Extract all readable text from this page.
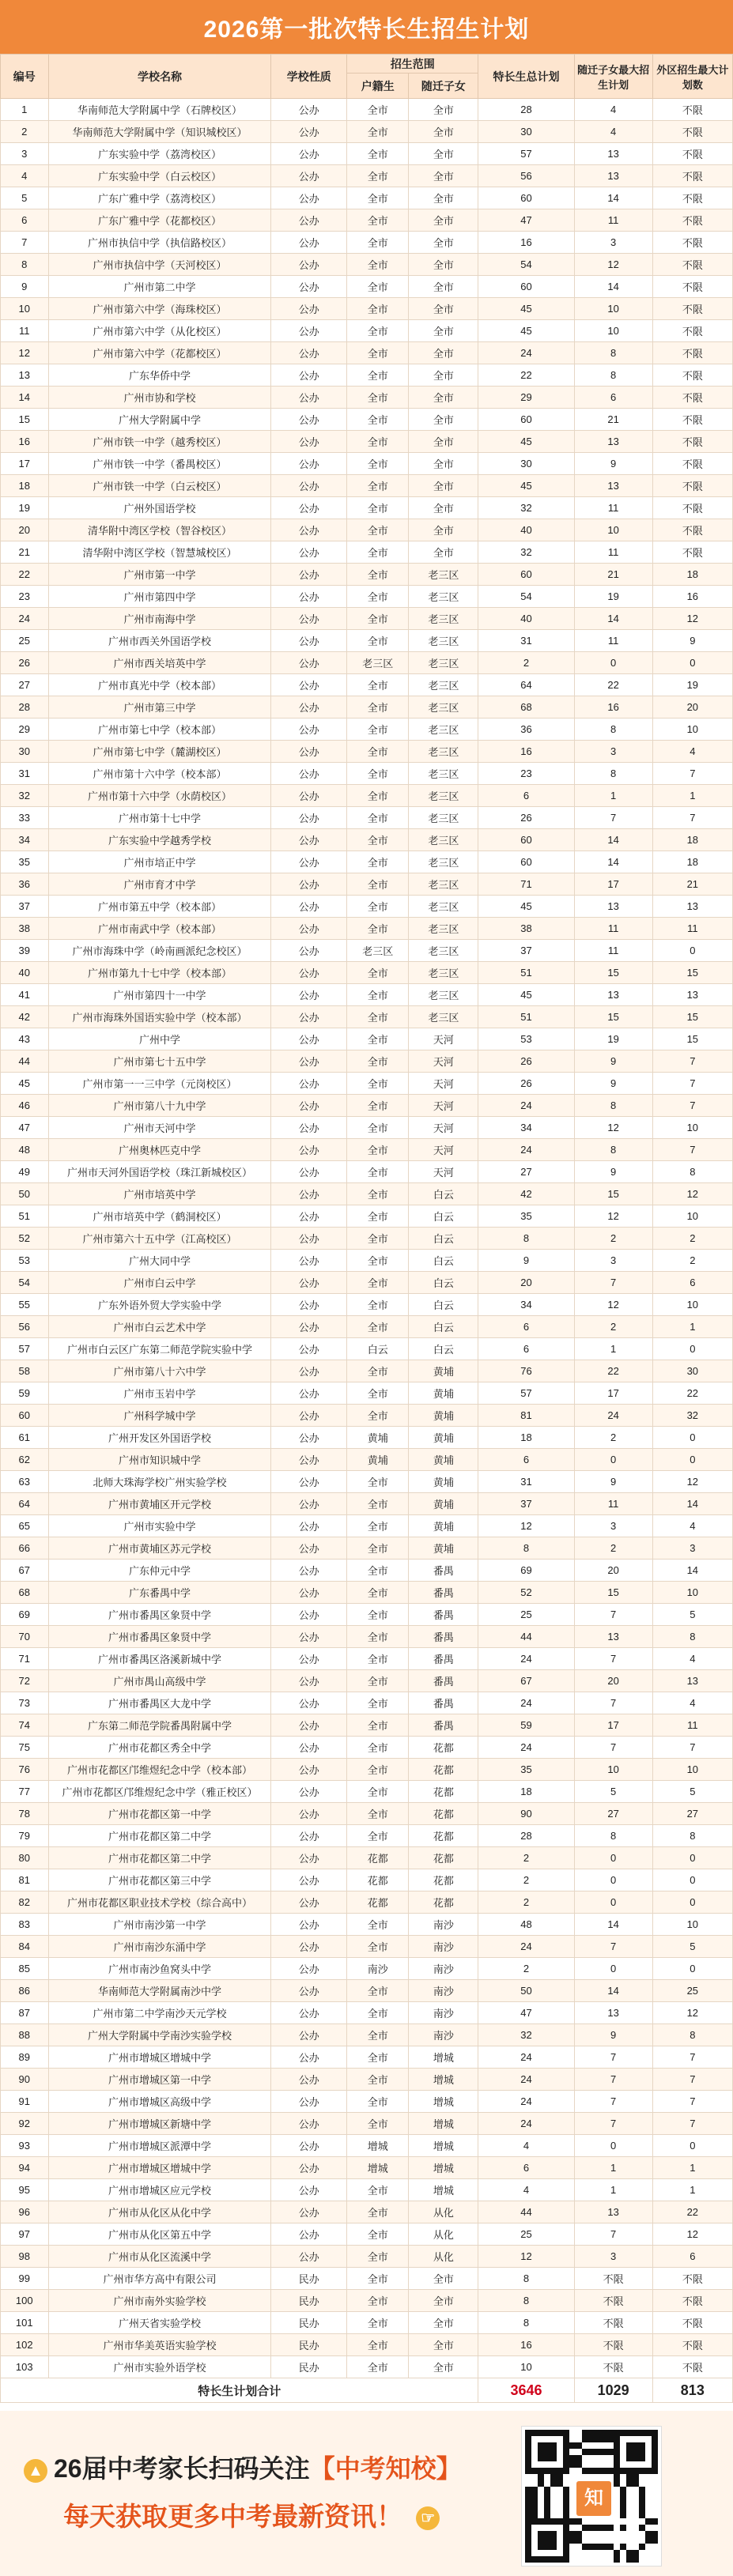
2026第一批次特长生招生计划
编号	学校名称	学校性质	招生范围		特长生总计划	随迁子女最大招生计划	外区招生最大计划数
			户籍生	随迁子女			
1	华南师范大学附属中学（石牌校区）	公办	全市	全市	28	4	不限
2	华南师范大学附属中学（知识城校区）	公办	全市	全市	30	4	不限
3	广东实验中学（荔湾校区）	公办	全市	全市	57	13	不限
4	广东实验中学（白云校区）	公办	全市	全市	56	13	不限
5	广东广雅中学（荔湾校区）	公办	全市	全市	60	14	不限
6	广东广雅中学（花都校区）	公办	全市	全市	47	11	不限
7	广州市执信中学（执信路校区）	公办	全市	全市	16	3	不限
8	广州市执信中学（天河校区）	公办	全市	全市	54	12	不限
9	广州市第二中学	公办	全市	全市	60	14	不限
10	广州市第六中学（海珠校区）	公办	全市	全市	45	10	不限
11	广州市第六中学（从化校区）	公办	全市	全市	45	10	不限
12	广州市第六中学（花都校区）	公办	全市	全市	24	8	不限
13	广东华侨中学	公办	全市	全市	22	8	不限
14	广州市协和学校	公办	全市	全市	29	6	不限
15	广州大学附属中学	公办	全市	全市	60	21	不限
16	广州市铁一中学（越秀校区）	公办	全市	全市	45	13	不限
17	广州市铁一中学（番禺校区）	公办	全市	全市	30	9	不限
18	广州市铁一中学（白云校区）	公办	全市	全市	45	13	不限
19	广州外国语学校	公办	全市	全市	32	11	不限
20	清华附中湾区学校（智谷校区）	公办	全市	全市	40	10	不限
21	清华附中湾区学校（智慧城校区）	公办	全市	全市	32	11	不限
22	广州市第一中学	公办	全市	老三区	60	21	18
23	广州市第四中学	公办	全市	老三区	54	19	16
24	广州市南海中学	公办	全市	老三区	40	14	12
25	广州市西关外国语学校	公办	全市	老三区	31	11	9
26	广州市西关培英中学	公办	老三区	老三区	2	0	0
27	广州市真光中学（校本部）	公办	全市	老三区	64	22	19
28	广州市第三中学	公办	全市	老三区	68	16	20
29	广州市第七中学（校本部）	公办	全市	老三区	36	8	10
30	广州市第七中学（麓湖校区）	公办	全市	老三区	16	3	4
31	广州市第十六中学（校本部）	公办	全市	老三区	23	8	7
32	广州市第十六中学（水荫校区）	公办	全市	老三区	6	1	1
33	广州市第十七中学	公办	全市	老三区	26	7	7
34	广东实验中学越秀学校	公办	全市	老三区	60	14	18
35	广州市培正中学	公办	全市	老三区	60	14	18
36	广州市育才中学	公办	全市	老三区	71	17	21
37	广州市第五中学（校本部）	公办	全市	老三区	45	13	13
38	广州市南武中学（校本部）	公办	全市	老三区	38	11	11
39	广州市海珠中学（岭南画派纪念校区）	公办	老三区	老三区	37	11	0
40	广州市第九十七中学（校本部）	公办	全市	老三区	51	15	15
41	广州市第四十一中学	公办	全市	老三区	45	13	13
42	广州市海珠外国语实验中学（校本部）	公办	全市	老三区	51	15	15
43	广州中学	公办	全市	天河	53	19	15
44	广州市第七十五中学	公办	全市	天河	26	9	7
45	广州市第一一三中学（元岗校区）	公办	全市	天河	26	9	7
46	广州市第八十九中学	公办	全市	天河	24	8	7
47	广州市天河中学	公办	全市	天河	34	12	10
48	广州奥林匹克中学	公办	全市	天河	24	8	7
49	广州市天河外国语学校（珠江新城校区）	公办	全市	天河	27	9	8
50	广州市培英中学	公办	全市	白云	42	15	12
51	广州市培英中学（鹤洞校区）	公办	全市	白云	35	12	10
52	广州市第六十五中学（江高校区）	公办	全市	白云	8	2	2
53	广州大同中学	公办	全市	白云	9	3	2
54	广州市白云中学	公办	全市	白云	20	7	6
55	广东外语外贸大学实验中学	公办	全市	白云	34	12	10
56	广州市白云艺术中学	公办	全市	白云	6	2	1
57	广州市白云区广东第二师范学院实验中学	公办	白云	白云	6	1	0
58	广州市第八十六中学	公办	全市	黄埔	76	22	30
59	广州市玉岩中学	公办	全市	黄埔	57	17	22
60	广州科学城中学	公办	全市	黄埔	81	24	32
61	广州开发区外国语学校	公办	黄埔	黄埔	18	2	0
62	广州市知识城中学	公办	黄埔	黄埔	6	0	0
63	北师大珠海学校广州实验学校	公办	全市	黄埔	31	9	12
64	广州市黄埔区开元学校	公办	全市	黄埔	37	11	14
65	广州市实验中学	公办	全市	黄埔	12	3	4
66	广州市黄埔区苏元学校	公办	全市	黄埔	8	2	3
67	广东仲元中学	公办	全市	番禺	69	20	14
68	广东番禺中学	公办	全市	番禺	52	15	10
69	广州市番禺区象贤中学	公办	全市	番禺	25	7	5
70	广州市番禺区象贤中学	公办	全市	番禺	44	13	8
71	广州市番禺区洛溪新城中学	公办	全市	番禺	24	7	4
72	广州市禺山高级中学	公办	全市	番禺	67	20	13
73	广州市番禺区大龙中学	公办	全市	番禺	24	7	4
74	广东第二师范学院番禺附属中学	公办	全市	番禺	59	17	11
75	广州市花都区秀全中学	公办	全市	花都	24	7	7
76	广州市花都区邝维煜纪念中学（校本部）	公办	全市	花都	35	10	10
77	广州市花都区邝维煜纪念中学（雅正校区）	公办	全市	花都	18	5	5
78	广州市花都区第一中学	公办	全市	花都	90	27	27
79	广州市花都区第二中学	公办	全市	花都	28	8	8
80	广州市花都区第二中学	公办	花都	花都	2	0	0
81	广州市花都区第三中学	公办	花都	花都	2	0	0
82	广州市花都区职业技术学校（综合高中）	公办	花都	花都	2	0	0
83	广州市南沙第一中学	公办	全市	南沙	48	14	10
84	广州市南沙东涌中学	公办	全市	南沙	24	7	5
85	广州市南沙鱼窝头中学	公办	南沙	南沙	2	0	0
86	华南师范大学附属南沙中学	公办	全市	南沙	50	14	25
87	广州市第二中学南沙天元学校	公办	全市	南沙	47	13	12
88	广州大学附属中学南沙实验学校	公办	全市	南沙	32	9	8
89	广州市增城区增城中学	公办	全市	增城	24	7	7
90	广州市增城区第一中学	公办	全市	增城	24	7	7
91	广州市增城区高级中学	公办	全市	增城	24	7	7
92	广州市增城区新塘中学	公办	全市	增城	24	7	7
93	广州市增城区派潭中学	公办	增城	增城	4	0	0
94	广州市增城区增城中学	公办	增城	增城	6	1	1
95	广州市增城区应元学校	公办	全市	增城	4	1	1
96	广州市从化区从化中学	公办	全市	从化	44	13	22
97	广州市从化区第五中学	公办	全市	从化	25	7	12
98	广州市从化区流溪中学	公办	全市	从化	12	3	6
99	广州市华方高中有限公司	民办	全市	全市	8	不限	不限
100	广州市南外实验学校	民办	全市	全市	8	不限	不限
101	广州天省实验学校	民办	全市	全市	8	不限	不限
102	广州市华美英语实验学校	民办	全市	全市	16	不限	不限
103	广州市实验外语学校	民办	全市	全市	10	不限	不限
特长生计划合计					3646	1029	813
▲ 26届中考家长扫码关注【中考知校】
每天获取更多中考最新资讯！ ☞
知
